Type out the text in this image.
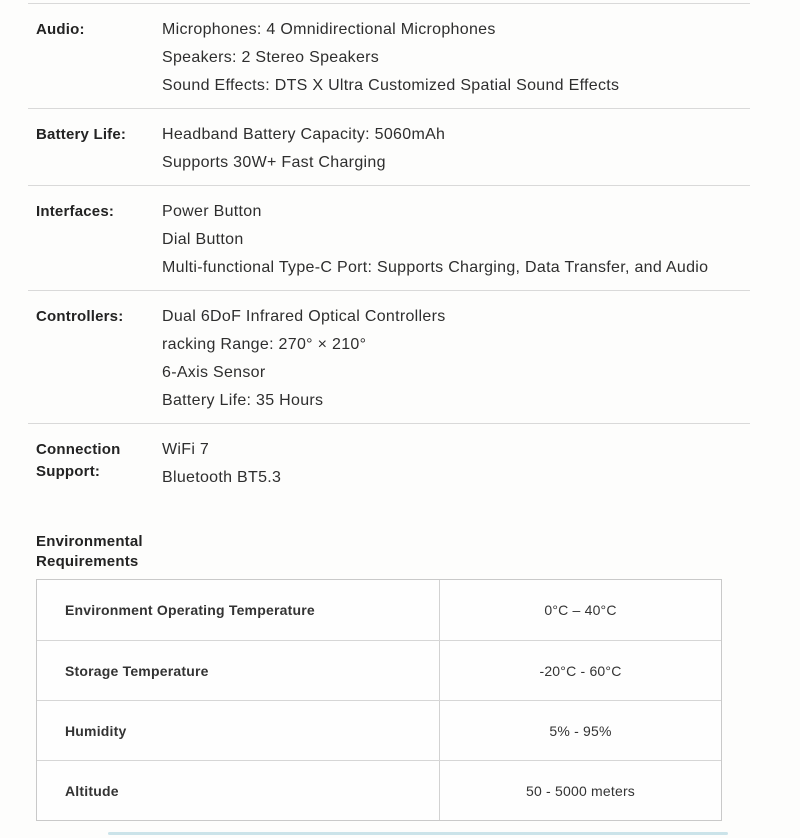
Audio:	Microphones: 4 Omnidirectional Microphones
Speakers: 2 Stereo Speakers
Sound Effects: DTS X Ultra Customized Spatial Sound Effects
Battery Life:	Headband Battery Capacity: 5060mAh
Supports 30W+ Fast Charging
Interfaces:	Power Button
Dial Button
Multi-functional Type-C Port: Supports Charging, Data Transfer, and Audio
Controllers:	Dual 6DoF Infrared Optical Controllers
racking Range: 270° × 210°
6-Axis Sensor
Battery Life: 35 Hours
Connection Support:
WiFi 7
Bluetooth BT5.3
Environmental
Requirements
Environment Operating Temperature	0°C – 40°C
Storage Temperature	-20°C - 60°C
Humidity	5% - 95%
Altitude	50 - 5000 meters
